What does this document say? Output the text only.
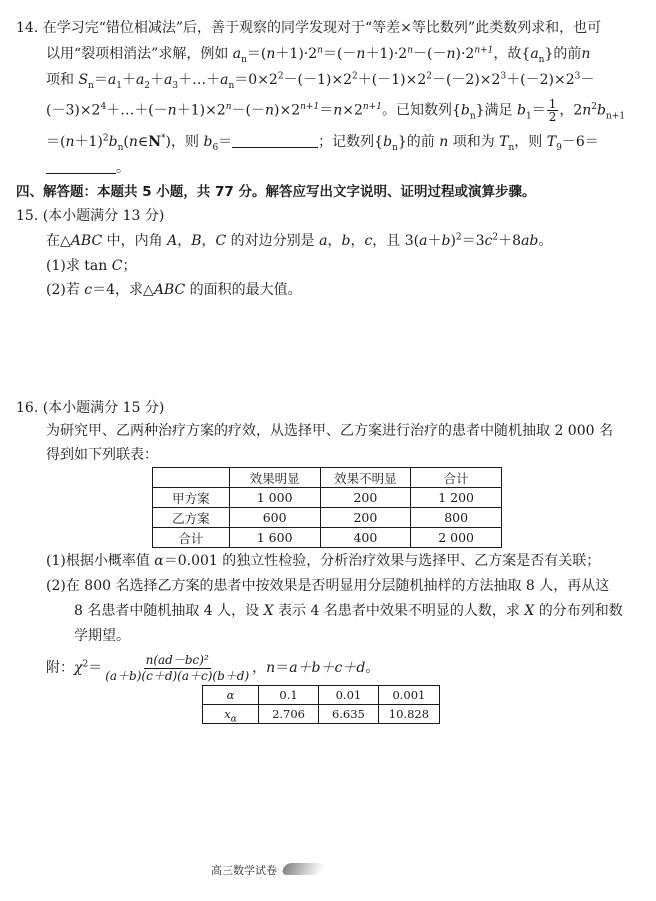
14. 在学习完“错位相减法”后，善于观察的同学发现对于“等差×等比数列”此类数列求和，也可
以用“裂项相消法”求解，例如 $a_n=(n+1)\cdot 2^n=(-n+1)\cdot 2^n-(-n)\cdot 2^{n+1}$，故$\{a_n\}$的前n
项和 $S_n=a_1+a_2+a_3+\dots+a_n=0\times 2^2-(-1)\times 2^2+(-1)\times 2^2-(-2)\times 2^3+(-2)\times 2^3-$
$(-3)\times 2^4+\dots+(-n+1)\times 2^n-(-n)\times 2^{n+1}=n\times 2^{n+1}$。已知数列$\{b_n\}$满足 $b_1= \frac{1}{2}$ ，$2n^2b_{n+1}$
$=(n+1)^2b_n(n\in N^*)$，则 $b_6=$	；记数列$\{b_n\}$的前 n 项和为 $T_n$，则 $T_9-6=$
。
四、解答题：本题共 5 小题，共 77 分。解答应写出文字说明、证明过程或演算步骤。
15. (本小题满分 13 分)
在△ABC 中，内角 A，B，C 的对边分别是 a，b，c，且 $3(a+b)^2=3c^2+8ab$。
(1)求 tan C；
(2)若 c＝4，求△ABC 的面积的最大值。
16. (本小题满分 15 分)
为研究甲、乙两种治疗方案的疗效，从选择甲、乙方案进行治疗的患者中随机抽取 2 000 名
得到如下列联表：
	效果明显	效果不明显	合计
甲方案	1 000	200	1 200
乙方案	600	200	800
合计	1 600	400	2 000
(1)根据小概率值 α＝0.001 的独立性检验，分析治疗效果与选择甲、乙方案是否有关联；
(2)在 800 名选择乙方案的患者中按效果是否明显用分层随机抽样的方法抽取 8 人，再从这
8 名患者中随机抽取 4 人，设 X 表示 4 名患者中效果不明显的人数，求 X 的分布列和数
学期望。
附：$\chi^2= \frac{\text{n(ad－bc)²}}{(a+b)(c+d)(a+c)(b+d)}$ ，n＝a＋b＋c＋d。
α	0.1	0.01	0.001
$x_\alpha$	2.706	6.635	10.828
高三数学试卷
